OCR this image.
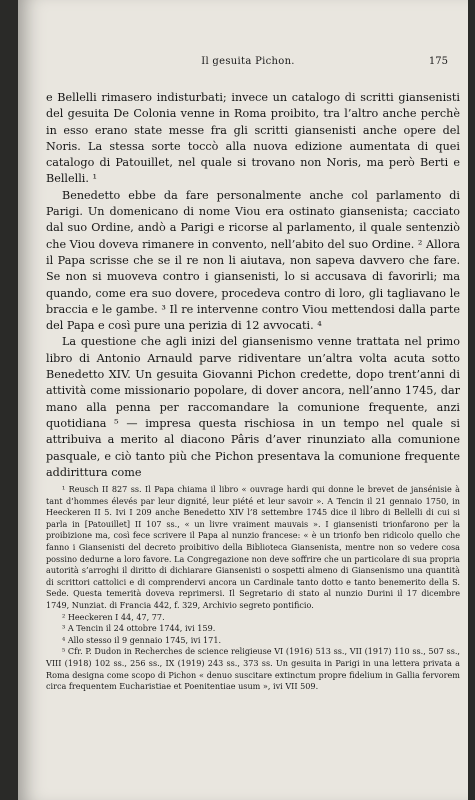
Il gesuita Pichon.	175

e Bellelli rimasero indisturbati; invece un catalogo di scritti giansenisti del gesuita De Colonia venne in Roma proibito, tra l’altro anche perchè in esso erano state messe fra gli scritti giansenisti anche opere del Noris. La stessa sorte toccò alla nuova edizione aumentata di quei catalogo di Patouillet, nel quale si trovano non Noris, ma però Berti e Bellelli. ¹

Benedetto ebbe da fare personalmente anche col parlamento di Parigi. Un domenicano di nome Viou era ostinato giansenista; cacciato dal suo Ordine, andò a Parigi e ricorse al parlamento, il quale sentenziò che Viou doveva rimanere in convento, nell’abito del suo Ordine. ² Allora il Papa scrisse che se il re non li aiutava, non sapeva davvero che fare. Se non si muoveva contro i giansenisti, lo si accusava di favorirli; ma quando, come era suo dovere, procedeva contro di loro, gli tagliavano le braccia e le gambe. ³ Il re intervenne contro Viou mettendosi dalla parte del Papa e così pure una perizia di 12 avvocati. ⁴

La questione che agli inizi del giansenismo venne trattata nel primo libro di Antonio Arnauld parve ridiventare un’altra volta acuta sotto Benedetto XIV. Un gesuita Giovanni Pichon credette, dopo trent’anni di attività come missionario popolare, di dover ancora, nell’anno 1745, dar mano alla penna per raccomandare la comunione frequente, anzi quotidiana ⁵ — impresa questa rischiosa in un tempo nel quale si attribuiva a merito al diacono Pâris d’aver rinunziato alla comunione pasquale, e ciò tanto più che Pichon presentava la comunione frequente addirittura come

¹ Reusch II 827 ss. Il Papa chiama il libro « ouvrage hardi qui donne le brevet de jansénisie à tant d’hommes élevés par leur dignité, leur piété et leur savoir ». A Tencin il 21 gennaio 1750, in Heeckeren II 5. Ivi I 209 anche Benedetto XIV l’8 settembre 1745 dice il libro di Bellelli di cui si parla in [Patouillet] II 107 ss., « un livre vraiment mauvais ». I giansenisti trionfarono per la proibizione ma, così fece scrivere il Papa al nunzio francese: « è un trionfo ben ridicolo quello che fanno i Giansenisti del decreto proibitivo della Biblioteca Giansenista, mentre non so vedere cosa possino dedurne a loro favore. La Congregazione non deve soffrire che un particolare di sua propria autorità s’arroghi il diritto di dichiarare Giansenisti o sospetti almeno di Giansenismo una quantità di scrittori cattolici e di comprendervi ancora un Cardinale tanto dotto e tanto benemerito della S. Sede. Questa temerità doveva reprimersi. Il Segretario di stato al nunzio Durini il 17 dicembre 1749, Nunziat. di Francia 442, f. 329, Archivio segreto pontificio.

² Heeckeren I 44, 47, 77.

³ A Tencin il 24 ottobre 1744, ivi 159.

⁴ Allo stesso il 9 gennaio 1745, ivi 171.

⁵ Cfr. P. Dudon in Recherches de science religieuse VI (1916) 513 ss., VII (1917) 110 ss., 507 ss., VIII (1918) 102 ss., 256 ss., IX (1919) 243 ss., 373 ss. Un gesuita in Parigi in una lettera privata a Roma designa come scopo di Pichon « denuo suscitare extinctum propre fidelium in Gallia fervorem circa frequentem Eucharistiae et Poenitentiae usum », ivi VII 509.
